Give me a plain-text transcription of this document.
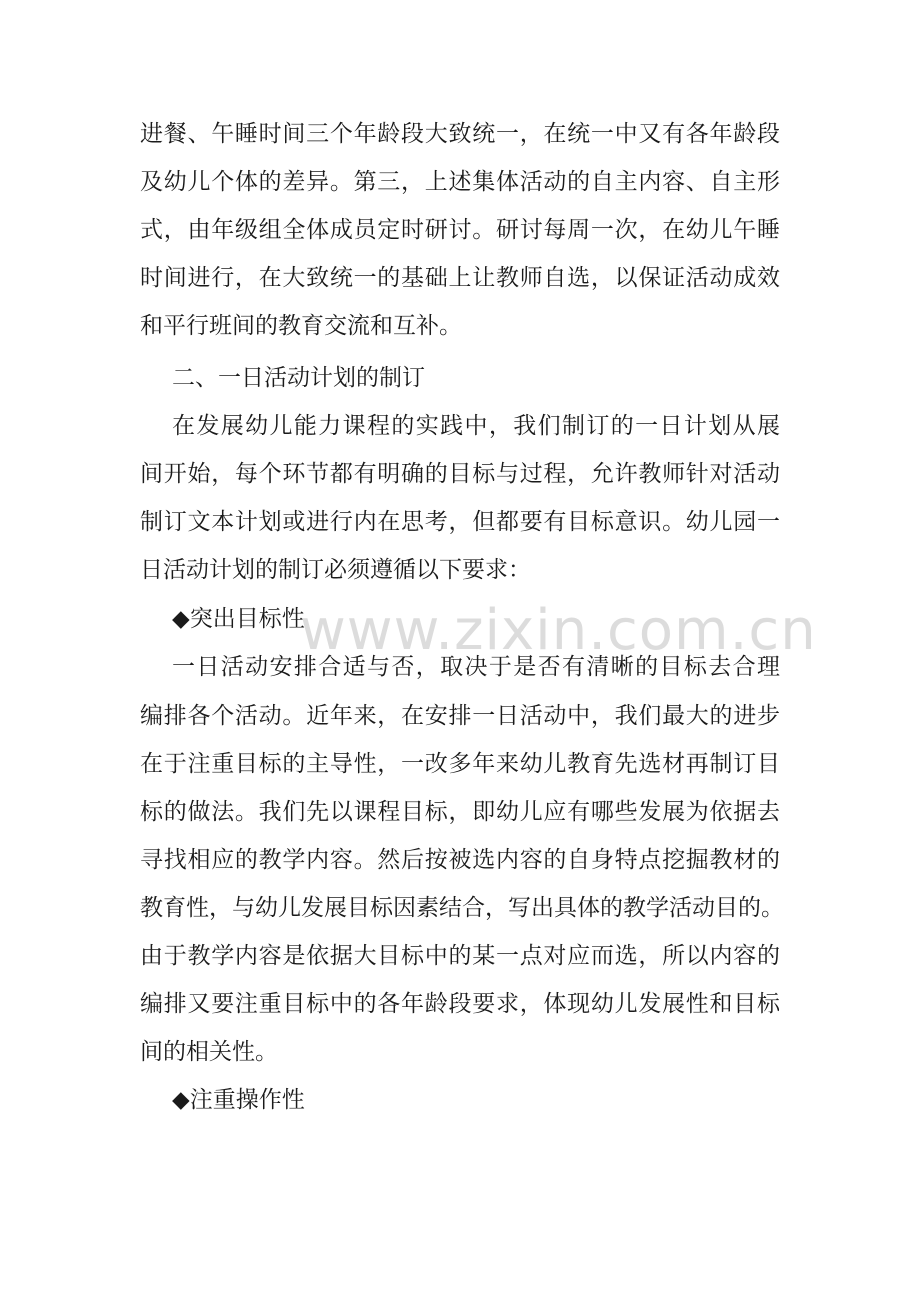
进餐、午睡时间三个年龄段大致统一，在统一中又有各年龄段
及幼儿个体的差异。第三，上述集体活动的自主内容、自主形
式，由年级组全体成员定时研讨。研讨每周一次，在幼儿午睡
时间进行，在大致统一的基础上让教师自选，以保证活动成效
和平行班间的教育交流和互补。
二、一日活动计划的制订
在发展幼儿能力课程的实践中，我们制订的一日计划从展
间开始，每个环节都有明确的目标与过程，允许教师针对活动
制订文本计划或进行内在思考，但都要有目标意识。幼儿园一
日活动计划的制订必须遵循以下要求：
◆突出目标性
一日活动安排合适与否，取决于是否有清晰的目标去合理
编排各个活动。近年来，在安排一日活动中，我们最大的进步
在于注重目标的主导性，一改多年来幼儿教育先选材再制订目
标的做法。我们先以课程目标，即幼儿应有哪些发展为依据去
寻找相应的教学内容。然后按被选内容的自身特点挖掘教材的
教育性，与幼儿发展目标因素结合，写出具体的教学活动目的。
由于教学内容是依据大目标中的某一点对应而选，所以内容的
编排又要注重目标中的各年龄段要求，体现幼儿发展性和目标
间的相关性。
◆注重操作性
www.zixin.com.cn
